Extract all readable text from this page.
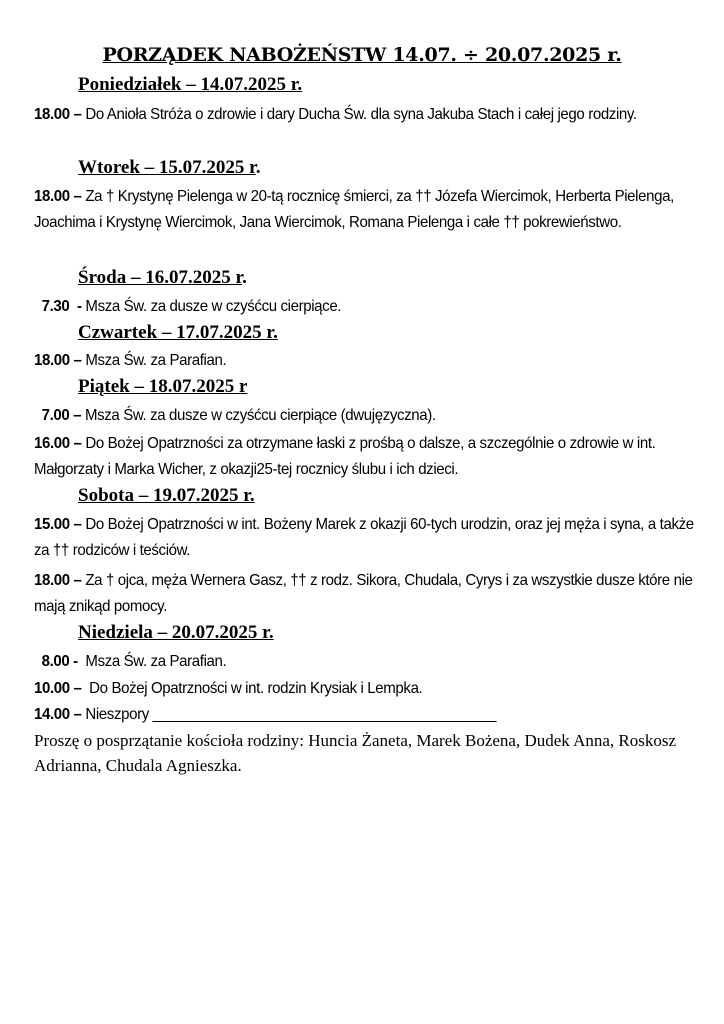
PORZĄDEK NABOŻEŃSTW 14.07. ÷ 20.07.2025 r.
Poniedziałek – 14.07.2025 r.
18.00 – Do Anioła Stróża o zdrowie i dary Ducha Św. dla syna Jakuba Stach i całej jego rodziny.
Wtorek – 15.07.2025 r.
18.00 – Za † Krystynę Pielenga w 20-tą rocznicę śmierci, za †† Józefa Wiercimok, Herberta Pielenga, Joachima i Krystynę Wiercimok, Jana Wiercimok, Romana Pielenga i całe †† pokrewieństwo.
Środa – 16.07.2025 r.
7.30  - Msza Św. za dusze w czyśćcu cierpiące.
Czwartek – 17.07.2025 r.
18.00 – Msza Św. za Parafian.
Piątek – 18.07.2025 r
7.00 – Msza Św. za dusze w czyśćcu cierpiące (dwujęzyczna).
16.00 – Do Bożej Opatrzności za otrzymane łaski z prośbą o dalsze, a szczególnie o zdrowie w int. Małgorzaty i Marka Wicher, z okazji25-tej rocznicy ślubu i ich dzieci.
Sobota – 19.07.2025 r.
15.00 – Do Bożej Opatrzności w int. Bożeny Marek z okazji 60-tych urodzin, oraz jej męża i syna, a także za †† rodziców i teściów.
18.00 – Za † ojca, męża Wernera Gasz, †† z rodz. Sikora, Chudala, Cyrys i za wszystkie dusze które nie mają znikąd pomocy.
Niedziela – 20.07.2025 r.
8.00 -  Msza Św. za Parafian.
10.00 –  Do Bożej Opatrzności w int. rodzin Krysiak i Lempka.
14.00 – Nieszpory ___________________________________________
Proszę o posprzątanie kościoła rodziny: Huncia Żaneta, Marek Bożena, Dudek Anna, Roskosz Adrianna, Chudala Agnieszka.
